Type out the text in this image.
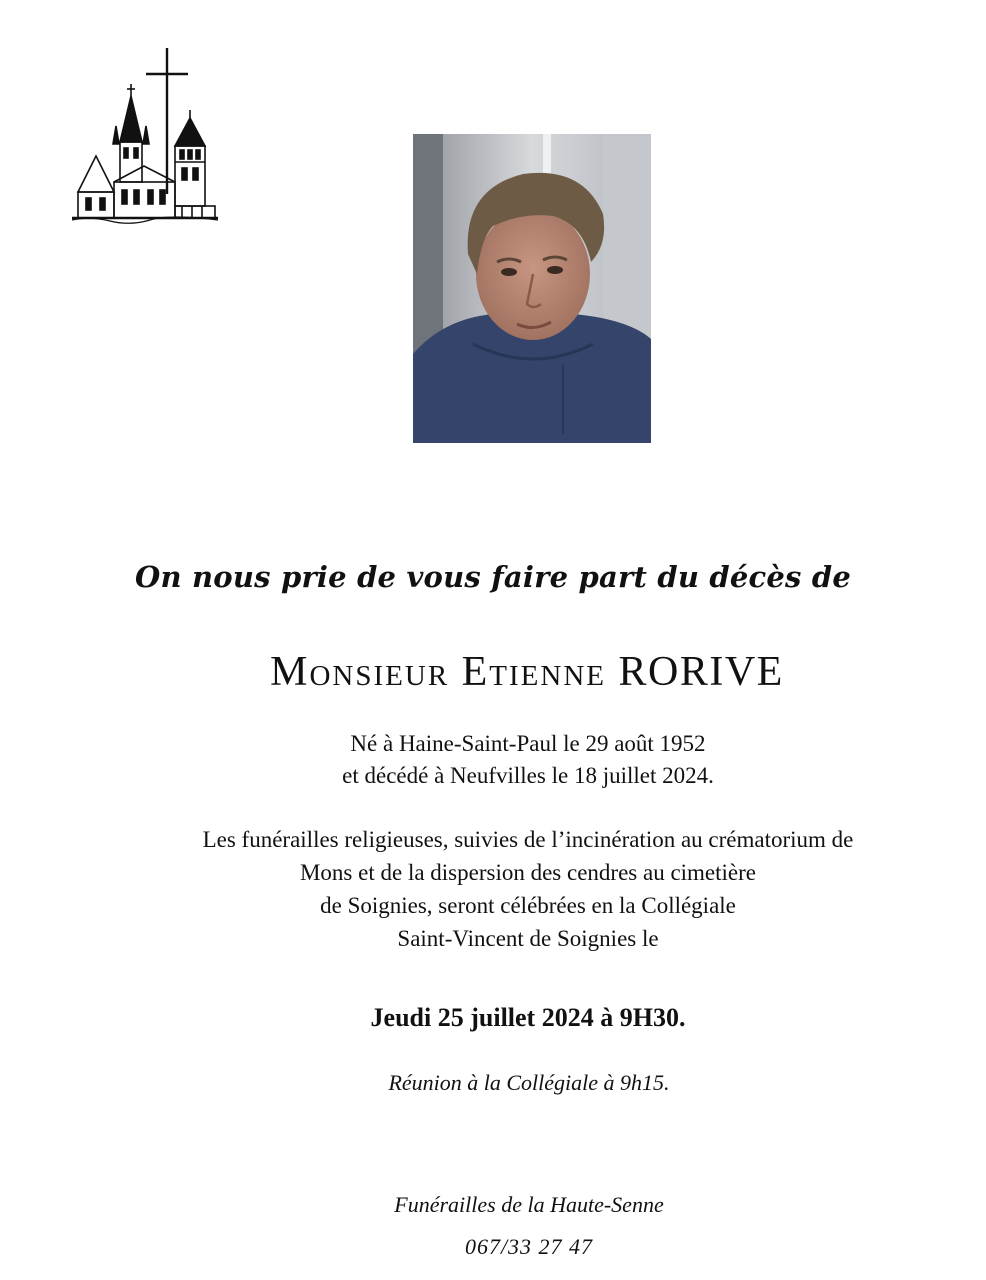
On nous prie de vous faire part du décès de
Monsieur Etienne RORIVE
Né à Haine-Saint-Paul le 29 août 1952
et décédé à Neufvilles le 18 juillet 2024.
Les funérailles religieuses, suivies de l’incinération au crématorium de
Mons et de la dispersion des cendres au cimetière
de Soignies, seront célébrées en la Collégiale
Saint-Vincent de Soignies le
Jeudi 25 juillet 2024 à 9H30.
Réunion à la Collégiale à 9h15.
Funérailles de la Haute-Senne
067/33 27 47
